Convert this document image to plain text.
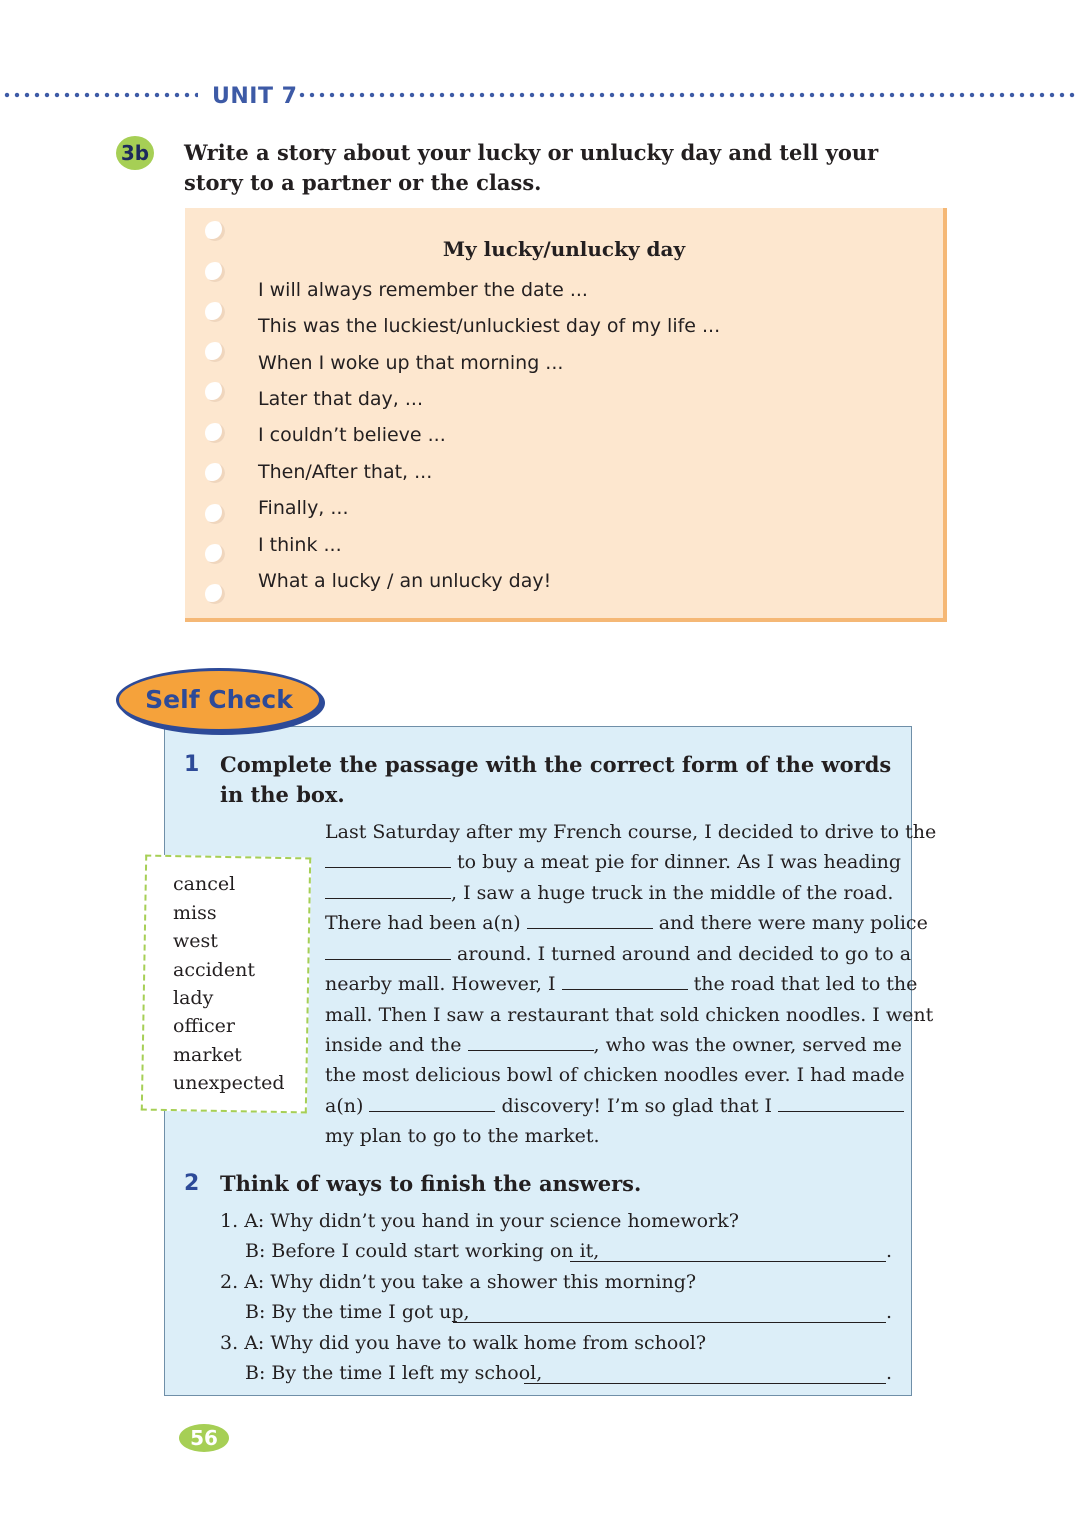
UNIT 7
3b Write a story about your lucky or unlucky day and tell your story to a partner or the class.
My lucky/unlucky day
I will always remember the date ...
This was the luckiest/unluckiest day of my life ...
When I woke up that morning ...
Later that day, ...
I couldn’t believe ...
Then/After that, ...
Finally, ...
I think ...
What a lucky / an unlucky day!
Self Check
1 Complete the passage with the correct form of the words in the box.
cancel
miss
west
accident
lady
officer
market
unexpected
Last Saturday after my French course, I decided to drive to the
to buy a meat pie for dinner. As I was heading
, I saw a huge truck in the middle of the road.
There had been a(n)	and there were many police
around. I turned around and decided to go to a
nearby mall. However, I	the road that led to the
mall. Then I saw a restaurant that sold chicken noodles. I went
inside and the	, who was the owner, served me
the most delicious bowl of chicken noodles ever. I had made
a(n)	discovery! I’m so glad that I
my plan to go to the market.
2 Think of ways to finish the answers.
1. A: Why didn’t you hand in your science homework?
B: Before I could start working on it,	.
2. A: Why didn’t you take a shower this morning?
B: By the time I got up,	.
3. A: Why did you have to walk home from school?
B: By the time I left my school,	.
56
